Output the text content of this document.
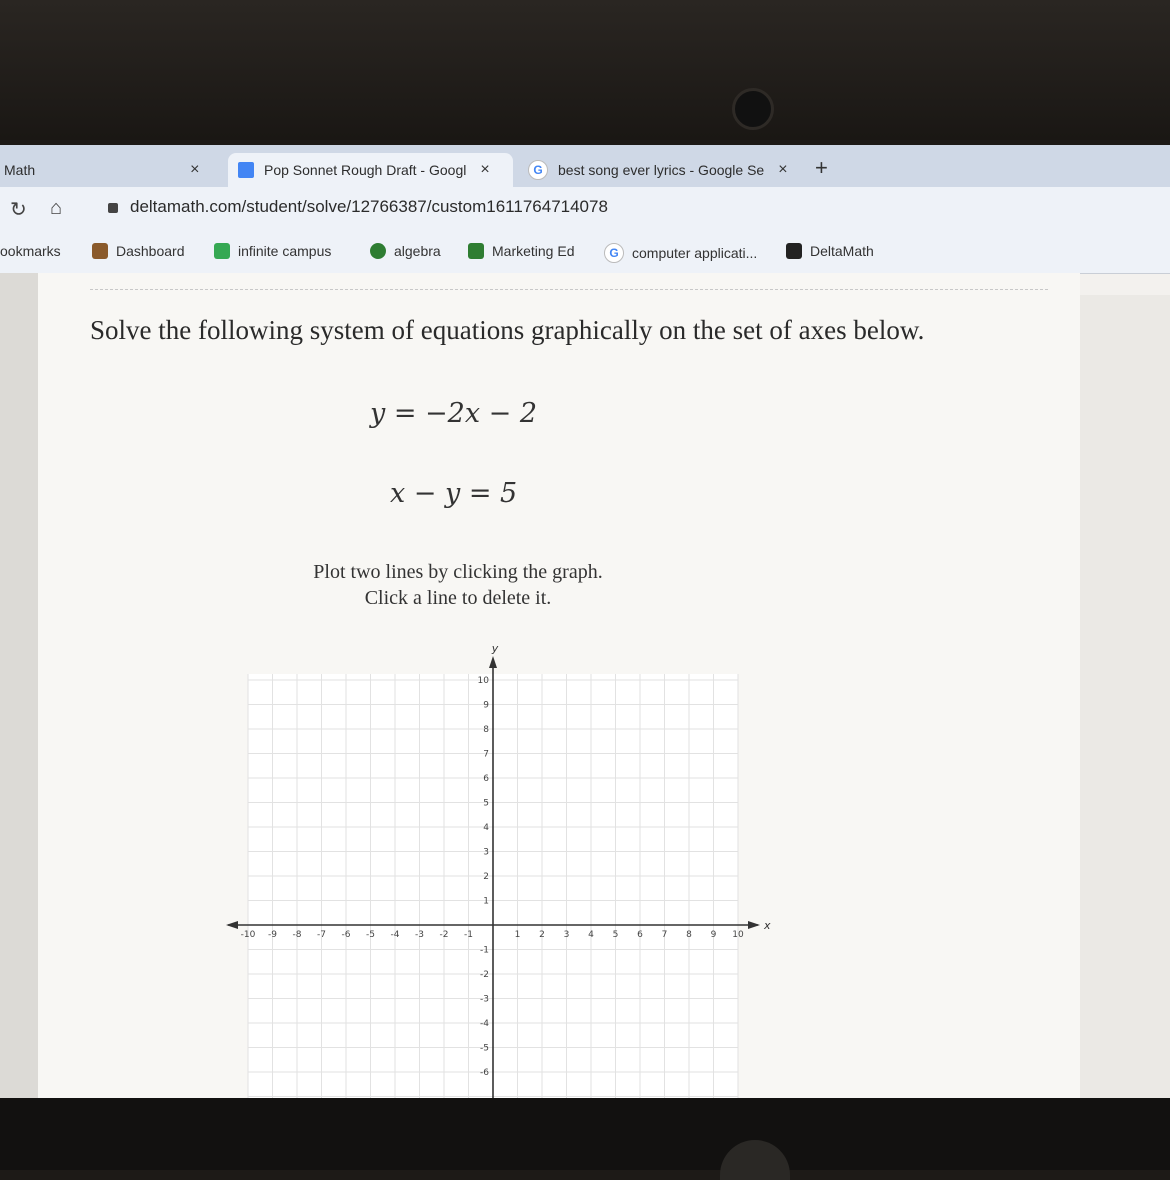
Math	×	Pop Sonnet Rough Draft - Googl ×	G	best song ever lyrics - Google Se × +
↻ ⌂	deltamath.com/student/solve/12766387/custom1611764714078
ookmarks	Dashboard	infinite campus	algebra	Marketing Ed	G computer applicati...	DeltaMath
Solve the following system of equations graphically on the set of axes below.
y = −2x − 2
x − y = 5
Plot two lines by clicking the graph.
Click a line to delete it.
x
y
-10 -9 -8 -7 -6 -5 -4 -3 -2 -1	1 2 3 4 5 6 7 8 9 10
10
9
8
7
6
5
4
3
2
1
-1
-2
-3
-4
-5
-6
